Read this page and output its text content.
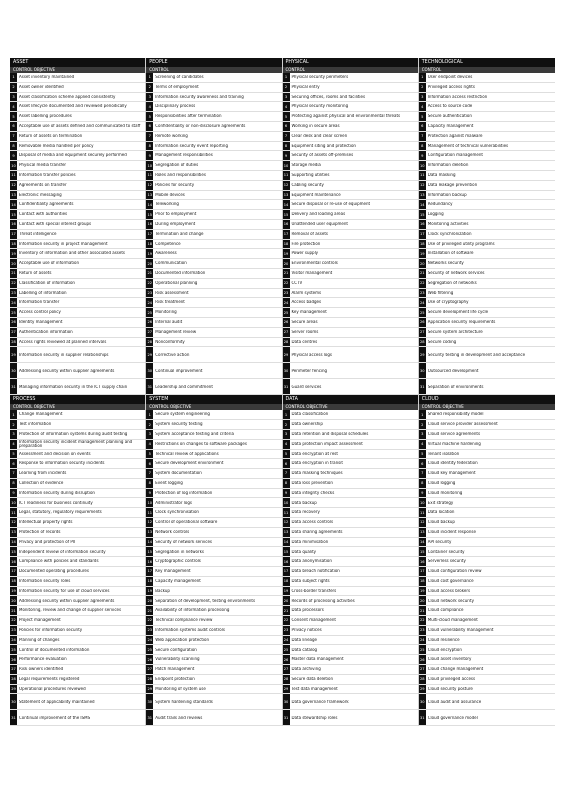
ASSET
CONTROL OBJECTIVE
1	Asset inventory maintained
2	Asset owner identified
3	Asset classification scheme applied consistently
4	Asset lifecycle documented and reviewed periodically
5	Asset labelling procedures
6	Acceptable use of assets defined and communicated to staff
7	Return of assets on termination
8	Removable media handled per policy
9	Disposal of media and equipment securely performed
10 Physical media transfer
11 Information transfer policies
12 Agreements on transfer
13 Electronic messaging
14 Confidentiality agreements
15 Contact with authorities
16 Contact with special interest groups
17 Threat intelligence
18 Information security in project management
19 Inventory of information and other associated assets
20 Acceptable use of information
21 Return of assets
22 Classification of information
23 Labelling of information
24 Information transfer
25 Access control policy
26 Identity management
27 Authentication information
28 Access rights reviewed at planned intervals
29 Information security in supplier relationships
30 Addressing security within supplier agreements
31 Managing information security in the ICT supply chain
PEOPLE
CONTROL
1	Screening of candidates
2	Terms of employment
3	Information security awareness and training
4	Disciplinary process
5	Responsibilities after termination
6	Confidentiality or non-disclosure agreements
7	Remote working
8	Information security event reporting
9	Management responsibilities
10 Segregation of duties
11 Roles and responsibilities
12 Policies for security
13 Mobile devices
14 Teleworking
15 Prior to employment
16 During employment
17 Termination and change
18 Competence
19 Awareness
20 Communication
21 Documented information
22 Operational planning
23 Risk assessment
24 Risk treatment
25 Monitoring
26 Internal audit
27 Management review
28 Nonconformity
29 Corrective action
30 Continual improvement
31 Leadership and commitment
PHYSICAL
CONTROL
1	Physical security perimeters
2	Physical entry
3	Securing offices, rooms and facilities
4	Physical security monitoring
5	Protecting against physical and environmental threats
6	Working in secure areas
7	Clear desk and clear screen
8	Equipment siting and protection
9	Security of assets off-premises
10 Storage media
11 Supporting utilities
12 Cabling security
13 Equipment maintenance
14 Secure disposal or re-use of equipment
15 Delivery and loading areas
16 Unattended user equipment
17 Removal of assets
18 Fire protection
19 Power supply
20 Environmental controls
21 Visitor management
22 CCTV
23 Alarm systems
24 Access badges
25 Key management
26 Secure areas
27 Server rooms
28 Data centres
29 Physical access logs
30 Perimeter fencing
31 Guard services
TECHNOLOGICAL
CONTROL
1	User endpoint devices
2	Privileged access rights
3	Information access restriction
4	Access to source code
5	Secure authentication
6	Capacity management
7	Protection against malware
8	Management of technical vulnerabilities
9	Configuration management
10 Information deletion
11 Data masking
12 Data leakage prevention
13 Information backup
14 Redundancy
15 Logging
16 Monitoring activities
17 Clock synchronization
18 Use of privileged utility programs
19 Installation of software
20 Networks security
21 Security of network services
22 Segregation of networks
23 Web filtering
24 Use of cryptography
25 Secure development life cycle
26 Application security requirements
27 Secure system architecture
28 Secure coding
29 Security testing in development and acceptance
30 Outsourced development
31 Separation of environments
PROCESS
CONTROL OBJECTIVE
1	Change management
2	Test information
3	Protection of information systems during audit testing
4
Information security incident management planning and preparation
5	Assessment and decision on events
6	Response to information security incidents
7	Learning from incidents
8	Collection of evidence
9	Information security during disruption
10 ICT readiness for business continuity
11 Legal, statutory, regulatory requirements
12 Intellectual property rights
13 Protection of records
14 Privacy and protection of PII
15 Independent review of information security
16 Compliance with policies and standards
17 Documented operating procedures
18 Information security roles
19 Information security for use of cloud services
20 Addressing security within supplier agreements
21 Monitoring, review and change of supplier services
22 Project management
23 Policies for information security
24 Planning of changes
25 Control of documented information
26 Performance evaluation
27 Risk owners identified
28 Legal requirements registered
29 Operational procedures reviewed
30 Statement of applicability maintained
31 Continual improvement of the ISMS
SYSTEM
CONTROL OBJECTIVE
1	Secure system engineering
2	System security testing
3	System acceptance testing and criteria
4	Restrictions on changes to software packages
5	Technical review of applications
6	Secure development environment
7	System documentation
8	Event logging
9	Protection of log information
10 Administrator logs
11 Clock synchronisation
12 Control of operational software
13 Network controls
14 Security of network services
15 Segregation in networks
16 Cryptographic controls
17 Key management
18 Capacity management
19 Backup
20 Separation of development, testing environments
21 Availability of information processing
22 Technical compliance review
23 Information systems audit controls
24 Web application protection
25 Secure configuration
26 Vulnerability scanning
27 Patch management
28 Endpoint protection
29 Monitoring of system use
30 System hardening standards
31 Audit trails and reviews
DATA
CONTROL OBJECTIVE
1	Data classification
2	Data ownership
3	Data retention and disposal schedules
4	Data protection impact assessment
5	Data encryption at rest
6	Data encryption in transit
7	Data masking techniques
8	Data loss prevention
9	Data integrity checks
10 Data backup
11 Data recovery
12 Data access controls
13 Data sharing agreements
14 Data minimisation
15 Data quality
16 Data anonymisation
17 Data breach notification
18 Data subject rights
19 Cross-border transfers
20 Records of processing activities
21 Data processors
22 Consent management
23 Privacy notices
24 Data lineage
25 Data catalog
26 Master data management
27 Data archiving
28 Secure data deletion
29 Test data management
30 Data governance framework
31 Data stewardship roles
CLOUD
CONTROL OBJECTIVE
1	Shared responsibility model
2	Cloud service provider assessment
3	Cloud service agreements
4	Virtual machine hardening
5	Tenant isolation
6	Cloud identity federation
7	Cloud key management
8	Cloud logging
9	Cloud monitoring
10 Exit strategy
11 Data location
12 Cloud backup
13 Cloud incident response
14 API security
15 Container security
16 Serverless security
17 Cloud configuration review
18 Cloud cost governance
19 Cloud access brokers
20 Cloud network security
21 Cloud compliance
22 Multi-cloud management
23 Cloud vulnerability management
24 Cloud resilience
25 Cloud encryption
26 Cloud asset inventory
27 Cloud change management
28 Cloud privileged access
29 Cloud security posture
30 Cloud audit and assurance
31 Cloud governance model
